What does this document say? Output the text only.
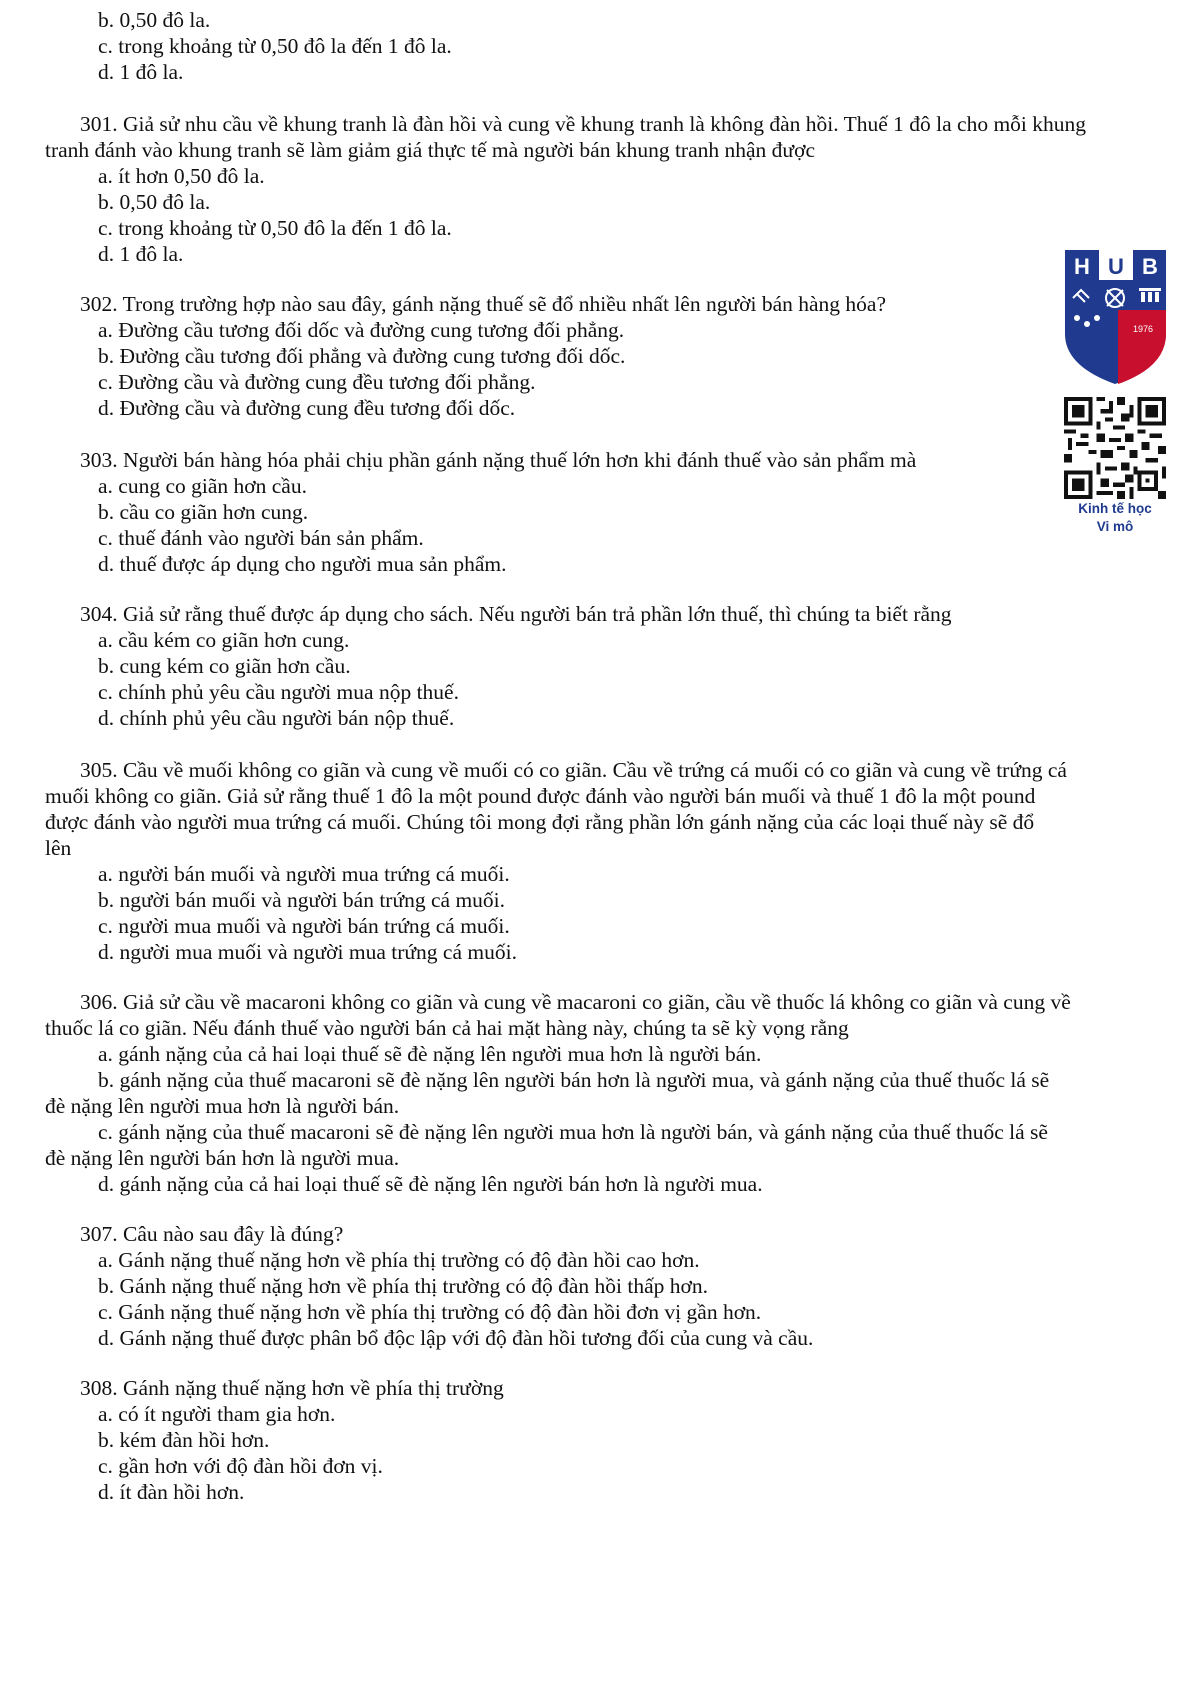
b. 0,50 đô la.
c. trong khoảng từ 0,50 đô la đến 1 đô la.
d. 1 đô la.
301. Giả sử nhu cầu về khung tranh là đàn hồi và cung về khung tranh là không đàn hồi. Thuế 1 đô la cho mỗi khung
tranh đánh vào khung tranh sẽ làm giảm giá thực tế mà người bán khung tranh nhận được
a. ít hơn 0,50 đô la.
b. 0,50 đô la.
c. trong khoảng từ 0,50 đô la đến 1 đô la.
d. 1 đô la.
302. Trong trường hợp nào sau đây, gánh nặng thuế sẽ đổ nhiều nhất lên người bán hàng hóa?
a. Đường cầu tương đối dốc và đường cung tương đối phẳng.
b. Đường cầu tương đối phẳng và đường cung tương đối dốc.
c. Đường cầu và đường cung đều tương đối phẳng.
d. Đường cầu và đường cung đều tương đối dốc.
303. Người bán hàng hóa phải chịu phần gánh nặng thuế lớn hơn khi đánh thuế vào sản phẩm mà
a. cung co giãn hơn cầu.
b. cầu co giãn hơn cung.
c. thuế đánh vào người bán sản phẩm.
d. thuế được áp dụng cho người mua sản phẩm.
304. Giả sử rằng thuế được áp dụng cho sách. Nếu người bán trả phần lớn thuế, thì chúng ta biết rằng
a. cầu kém co giãn hơn cung.
b. cung kém co giãn hơn cầu.
c. chính phủ yêu cầu người mua nộp thuế.
d. chính phủ yêu cầu người bán nộp thuế.
305. Cầu về muối không co giãn và cung về muối có co giãn. Cầu về trứng cá muối có co giãn và cung về trứng cá
muối không co giãn. Giả sử rằng thuế 1 đô la một pound được đánh vào người bán muối và thuế 1 đô la một pound
được đánh vào người mua trứng cá muối. Chúng tôi mong đợi rằng phần lớn gánh nặng của các loại thuế này sẽ đổ
lên
a. người bán muối và người mua trứng cá muối.
b. người bán muối và người bán trứng cá muối.
c. người mua muối và người bán trứng cá muối.
d. người mua muối và người mua trứng cá muối.
306. Giả sử cầu về macaroni không co giãn và cung về macaroni co giãn, cầu về thuốc lá không co giãn và cung về
thuốc lá co giãn. Nếu đánh thuế vào người bán cả hai mặt hàng này, chúng ta sẽ kỳ vọng rằng
a. gánh nặng của cả hai loại thuế sẽ đè nặng lên người mua hơn là người bán.
b. gánh nặng của thuế macaroni sẽ đè nặng lên người bán hơn là người mua, và gánh nặng của thuế thuốc lá sẽ
đè nặng lên người mua hơn là người bán.
c. gánh nặng của thuế macaroni sẽ đè nặng lên người mua hơn là người bán, và gánh nặng của thuế thuốc lá sẽ
đè nặng lên người bán hơn là người mua.
d. gánh nặng của cả hai loại thuế sẽ đè nặng lên người bán hơn là người mua.
307. Câu nào sau đây là đúng?
a. Gánh nặng thuế nặng hơn về phía thị trường có độ đàn hồi cao hơn.
b. Gánh nặng thuế nặng hơn về phía thị trường có độ đàn hồi thấp hơn.
c. Gánh nặng thuế nặng hơn về phía thị trường có độ đàn hồi đơn vị gần hơn.
d. Gánh nặng thuế được phân bổ độc lập với độ đàn hồi tương đối của cung và cầu.
308. Gánh nặng thuế nặng hơn về phía thị trường
a. có ít người tham gia hơn.
b. kém đàn hồi hơn.
c. gần hơn với độ đàn hồi đơn vị.
d. ít đàn hồi hơn.
H U B
1976
Kinh tế học
Vi mô
